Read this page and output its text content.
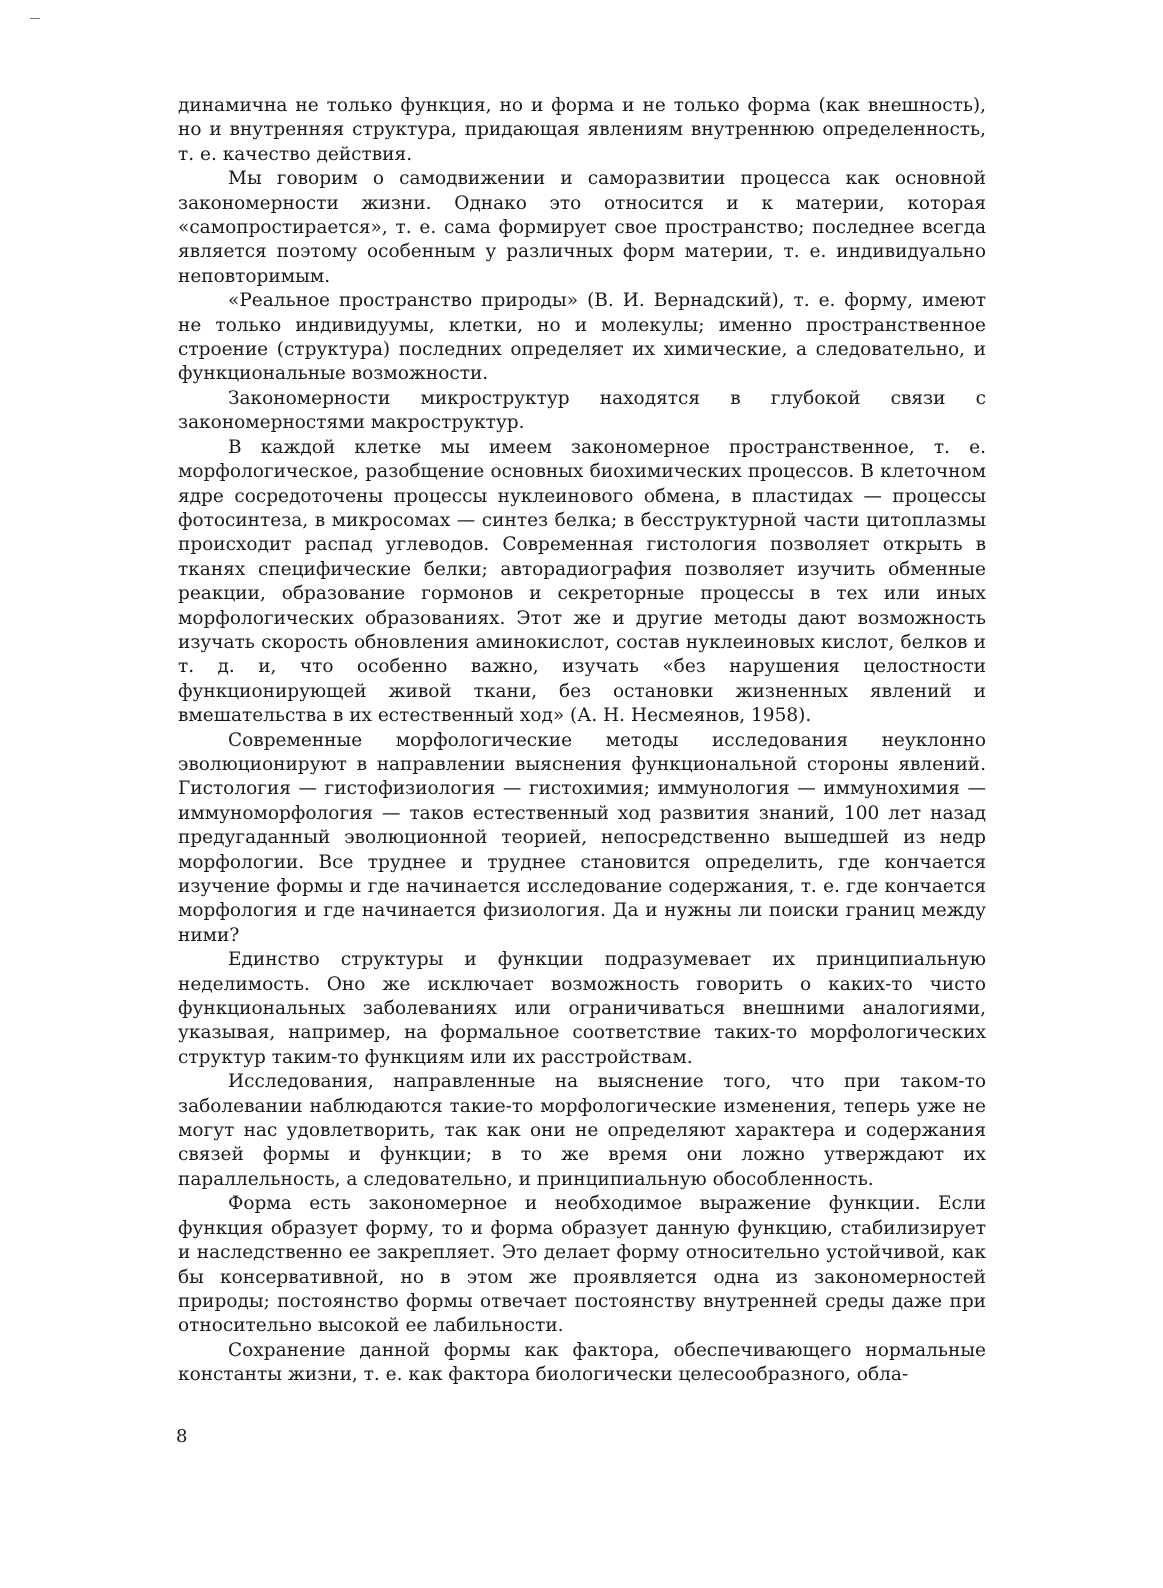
динамична не только функция, но и форма и не только форма (как внешность), но и внутренняя структура, придающая явлениям внутреннюю определенность, т. е. качество действия.

Мы говорим о самодвижении и саморазвитии процесса как основной закономерности жизни. Однако это относится и к материи, которая «самопростирается», т. е. сама формирует свое пространство; последнее всегда является поэтому особенным у различных форм материи, т. е. индивидуально неповторимым.

«Реальное пространство природы» (В. И. Вернадский), т. е. форму, имеют не только индивидуумы, клетки, но и молекулы; именно пространственное строение (структура) последних определяет их химические, а следовательно, и функциональные возможности.

Закономерности микроструктур находятся в глубокой связи с закономерностями макроструктур.

В каждой клетке мы имеем закономерное пространственное, т. е. морфологическое, разобщение основных биохимических процессов. В клеточном ядре сосредоточены процессы нуклеинового обмена, в пластидах — процессы фотосинтеза, в микросомах — синтез белка; в бесструктурной части цитоплазмы происходит распад углеводов. Современная гистология позволяет открыть в тканях специфические белки; авторадиография позволяет изучить обменные реакции, образование гормонов и секреторные процессы в тех или иных морфологических образованиях. Этот же и другие методы дают возможность изучать скорость обновления аминокислот, состав нуклеиновых кислот, белков и т. д. и, что особенно важно, изучать «без нарушения целостности функционирующей живой ткани, без остановки жизненных явлений и вмешательства в их естественный ход» (А. Н. Несмеянов, 1958).

Современные морфологические методы исследования неуклонно эволюционируют в направлении выяснения функциональной стороны явлений. Гистология — гистофизиология — гистохимия; иммунология — иммунохимия — иммуноморфология — таков естественный ход развития знаний, 100 лет назад предугаданный эволюционной теорией, непосредственно вышедшей из недр морфологии. Все труднее и труднее становится определить, где кончается изучение формы и где начинается исследование содержания, т. е. где кончается морфология и где начинается физиология. Да и нужны ли поиски границ между ними?

Единство структуры и функции подразумевает их принципиальную неделимость. Оно же исключает возможность говорить о каких-то чисто функциональных заболеваниях или ограничиваться внешними аналогиями, указывая, например, на формальное соответствие таких-то морфологических структур таким-то функциям или их расстройствам.

Исследования, направленные на выяснение того, что при таком-то заболевании наблюдаются такие-то морфологические изменения, теперь уже не могут нас удовлетворить, так как они не определяют характера и содержания связей формы и функции; в то же время они ложно утверждают их параллельность, а следовательно, и принципиальную обособленность.

Форма есть закономерное и необходимое выражение функции. Если функция образует форму, то и форма образует данную функцию, стабилизирует и наследственно ее закрепляет. Это делает форму относительно устойчивой, как бы консервативной, но в этом же проявляется одна из закономерностей природы; постоянство формы отвечает постоянству внутренней среды даже при относительно высокой ее лабильности.

Сохранение данной формы как фактора, обеспечивающего нормальные константы жизни, т. е. как фактора биологически целесообразного, обла-

8
